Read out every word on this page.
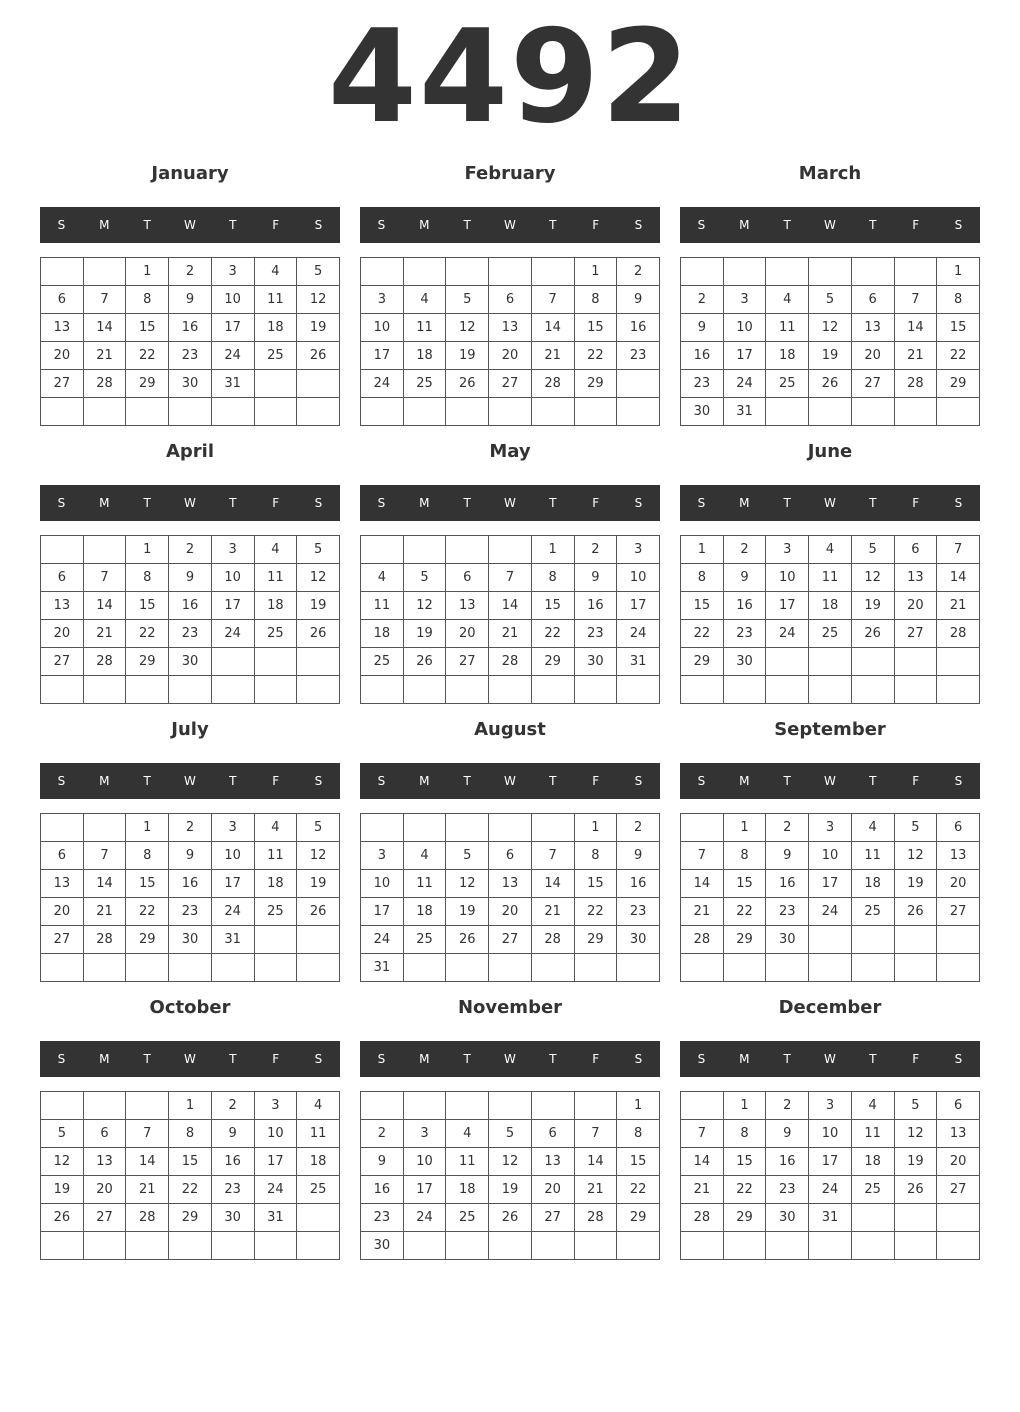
4492
January
S	M	T	W	T	F	S
		1	2	3	4	5
6	7	8	9	10	11	12
13	14	15	16	17	18	19
20	21	22	23	24	25	26
27	28	29	30	31		

February
S	M	T	W	T	F	S
					1	2
3	4	5	6	7	8	9
10	11	12	13	14	15	16
17	18	19	20	21	22	23
24	25	26	27	28	29	

March
S	M	T	W	T	F	S
						1
2	3	4	5	6	7	8
9	10	11	12	13	14	15
16	17	18	19	20	21	22
23	24	25	26	27	28	29
30	31					
April
S	M	T	W	T	F	S
		1	2	3	4	5
6	7	8	9	10	11	12
13	14	15	16	17	18	19
20	21	22	23	24	25	26
27	28	29	30			

May
S	M	T	W	T	F	S
				1	2	3
4	5	6	7	8	9	10
11	12	13	14	15	16	17
18	19	20	21	22	23	24
25	26	27	28	29	30	31

June
S	M	T	W	T	F	S
1	2	3	4	5	6	7
8	9	10	11	12	13	14
15	16	17	18	19	20	21
22	23	24	25	26	27	28
29	30					

July
S	M	T	W	T	F	S
		1	2	3	4	5
6	7	8	9	10	11	12
13	14	15	16	17	18	19
20	21	22	23	24	25	26
27	28	29	30	31		

August
S	M	T	W	T	F	S
					1	2
3	4	5	6	7	8	9
10	11	12	13	14	15	16
17	18	19	20	21	22	23
24	25	26	27	28	29	30
31						
September
S	M	T	W	T	F	S
	1	2	3	4	5	6
7	8	9	10	11	12	13
14	15	16	17	18	19	20
21	22	23	24	25	26	27
28	29	30				

October
S	M	T	W	T	F	S
			1	2	3	4
5	6	7	8	9	10	11
12	13	14	15	16	17	18
19	20	21	22	23	24	25
26	27	28	29	30	31	

November
S	M	T	W	T	F	S
						1
2	3	4	5	6	7	8
9	10	11	12	13	14	15
16	17	18	19	20	21	22
23	24	25	26	27	28	29
30						
December
S	M	T	W	T	F	S
	1	2	3	4	5	6
7	8	9	10	11	12	13
14	15	16	17	18	19	20
21	22	23	24	25	26	27
28	29	30	31			
